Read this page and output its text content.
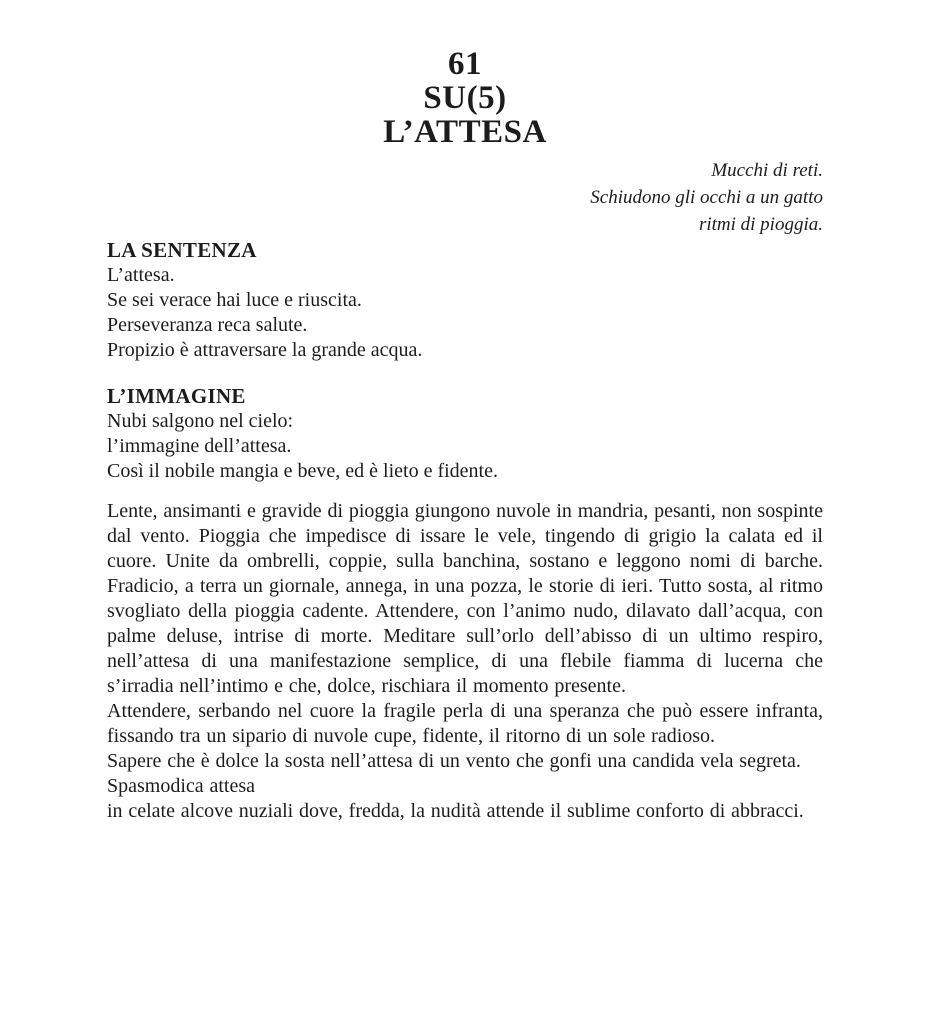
61
SU(5)
L’ATTESA
Mucchi di reti.
Schiudono gli occhi a un gatto
ritmi di pioggia.
LA SENTENZA
L’attesa.
Se sei verace hai luce e riuscita.
Perseveranza reca salute.
Propizio è attraversare la grande acqua.
L’IMMAGINE
Nubi salgono nel cielo:
l’immagine dell’attesa.
Così il nobile mangia e beve, ed è lieto e fidente.

Lente, ansimanti e gravide di pioggia giungono nuvole in mandria, pesanti, non sospinte dal vento. Pioggia che impedisce di issare le vele, tingendo di grigio la calata ed il cuore. Unite da ombrelli, coppie, sulla banchina, sostano e leggono nomi di barche. Fradicio, a terra un giornale, annega, in una pozza, le storie di ieri. Tutto sosta, al ritmo svogliato della pioggia cadente. Attendere, con l’animo nudo, dilavato dall’acqua, con palme deluse, intrise di morte. Meditare sull’orlo dell’abisso di un ultimo respiro, nell’attesa di una manifestazione semplice, di una flebile fiamma di lucerna che s’irradia nell’intimo e che, dolce, rischiara il momento presente.

Attendere, serbando nel cuore la fragile perla di una speranza che può essere infranta, fissando tra un sipario di nuvole cupe, fidente, il ritorno di un sole radioso.

Sapere che è dolce la sosta nell’attesa di un vento che gonfi una candida vela segreta.

Spasmodica attesa

in celate alcove nuziali dove, fredda, la nudità attende il sublime conforto di abbracci.
